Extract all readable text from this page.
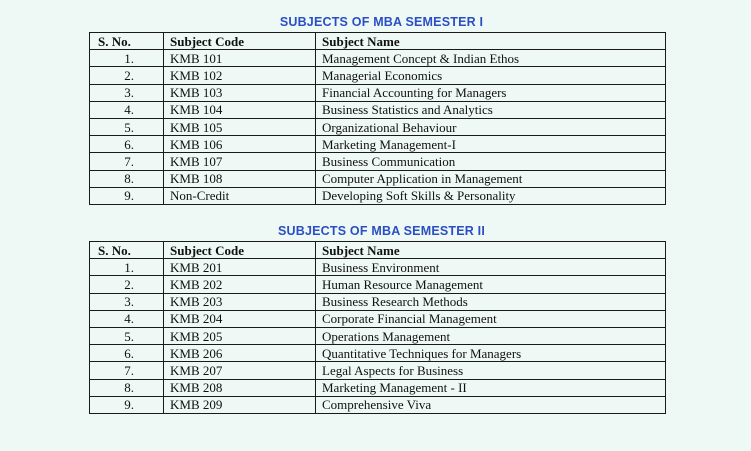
SUBJECTS OF MBA SEMESTER I
S. No.	Subject Code	Subject Name
1.	KMB 101	Management Concept & Indian Ethos
2.	KMB 102	Managerial Economics
3.	KMB 103	Financial Accounting for Managers
4.	KMB 104	Business Statistics and Analytics
5.	KMB 105	Organizational Behaviour
6.	KMB 106	Marketing Management-I
7.	KMB 107	Business Communication
8.	KMB 108	Computer Application in Management
9.	Non-Credit	Developing Soft Skills & Personality
SUBJECTS OF MBA SEMESTER II
S. No.	Subject Code	Subject Name
1.	KMB 201	Business Environment
2.	KMB 202	Human Resource Management
3.	KMB 203	Business Research Methods
4.	KMB 204	Corporate Financial Management
5.	KMB 205	Operations Management
6.	KMB 206	Quantitative Techniques for Managers
7.	KMB 207	Legal Aspects for Business
8.	KMB 208	Marketing Management - II
9.	KMB 209	Comprehensive Viva
